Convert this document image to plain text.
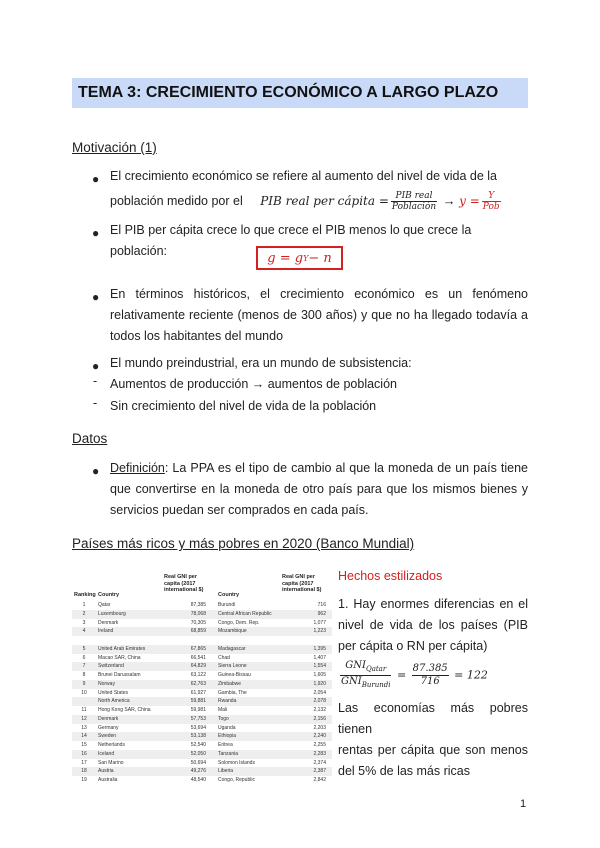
TEMA 3: CRECIMIENTO ECONÓMICO A LARGO PLAZO
Motivación (1)
● El crecimiento económico se refiere al aumento del nivel de vida de la
población medido por el PIB real per cápita = $\frac{\text{PIB real}}{\text{Población}} \to y = \frac{Y}{\text{Pob}}$
● El PIB per cápita crece lo que crece el PIB menos lo que crece la población:	g = g Y − n
● En términos históricos, el crecimiento económico es un fenómeno
relativamente reciente (menos de 300 años) y que no ha llegado todavía a
todos los habitantes del mundo
● El mundo preindustrial, era un mundo de subsistencia:
- Aumentos de producción → aumentos de población
- Sin crecimiento del nivel de vida de la población
Datos
● Definición: La PPA es el tipo de cambio al que la moneda de un país tiene
que convertirse en la moneda de otro país para que los mismos bienes y
servicios puedan ser comprados en cada país.
Países más ricos y más pobres en 2020 (Banco Mundial)
Ranking Country
Real GNI per
capita (2017
international $)
Country
Real GNI per
capita (2017
international $)
1	Qatar	87,385 Burundi	716
2	Luxembourg	78,068 Central African Republic	962
3	Denmark	70,305 Congo, Dem. Rep.	1,077
4	Ireland	68,859 Mozambique	1,223
5	United Arab Emirates	67,865 Madagascar	1,395
6	Macao SAR, China	66,541 Chad	1,407
7	Switzerland	64,829 Sierra Leone	1,554
8	Brunei Darussalam	63,122 Guinea-Bissau	1,605
9	Norway	62,763 Zimbabwe	1,920
10	United States	61,927 Gambia, The	2,054
North America	59,881 Rwanda	2,078
11	Hong Kong SAR, China	59,981 Mali	2,132
12	Denmark	57,753 Togo	2,156
13	Germany	53,694 Uganda	2,203
14	Sweden	53,138 Ethiopia	2,240
15	Netherlands	52,540 Eritrea	2,255
16	Iceland	52,050 Tanzania	2,283
17	San Marino	50,694 Solomon Islands	2,374
18	Austria	49,276 Liberia	2,387
19	Australia	48,540 Congo, Republic	2,842
Hechos estilizados
1. Hay enormes diferencias en el
nivel de vida de los países (PIB
per cápita o RN per cápita)
$\frac{GNI_{Qatar}}{GNI_{Burundi}} = \frac{87.385}{716} = 122$
Las economías más pobres tienen
rentas per cápita que son menos
del 5% de las más ricas
1
